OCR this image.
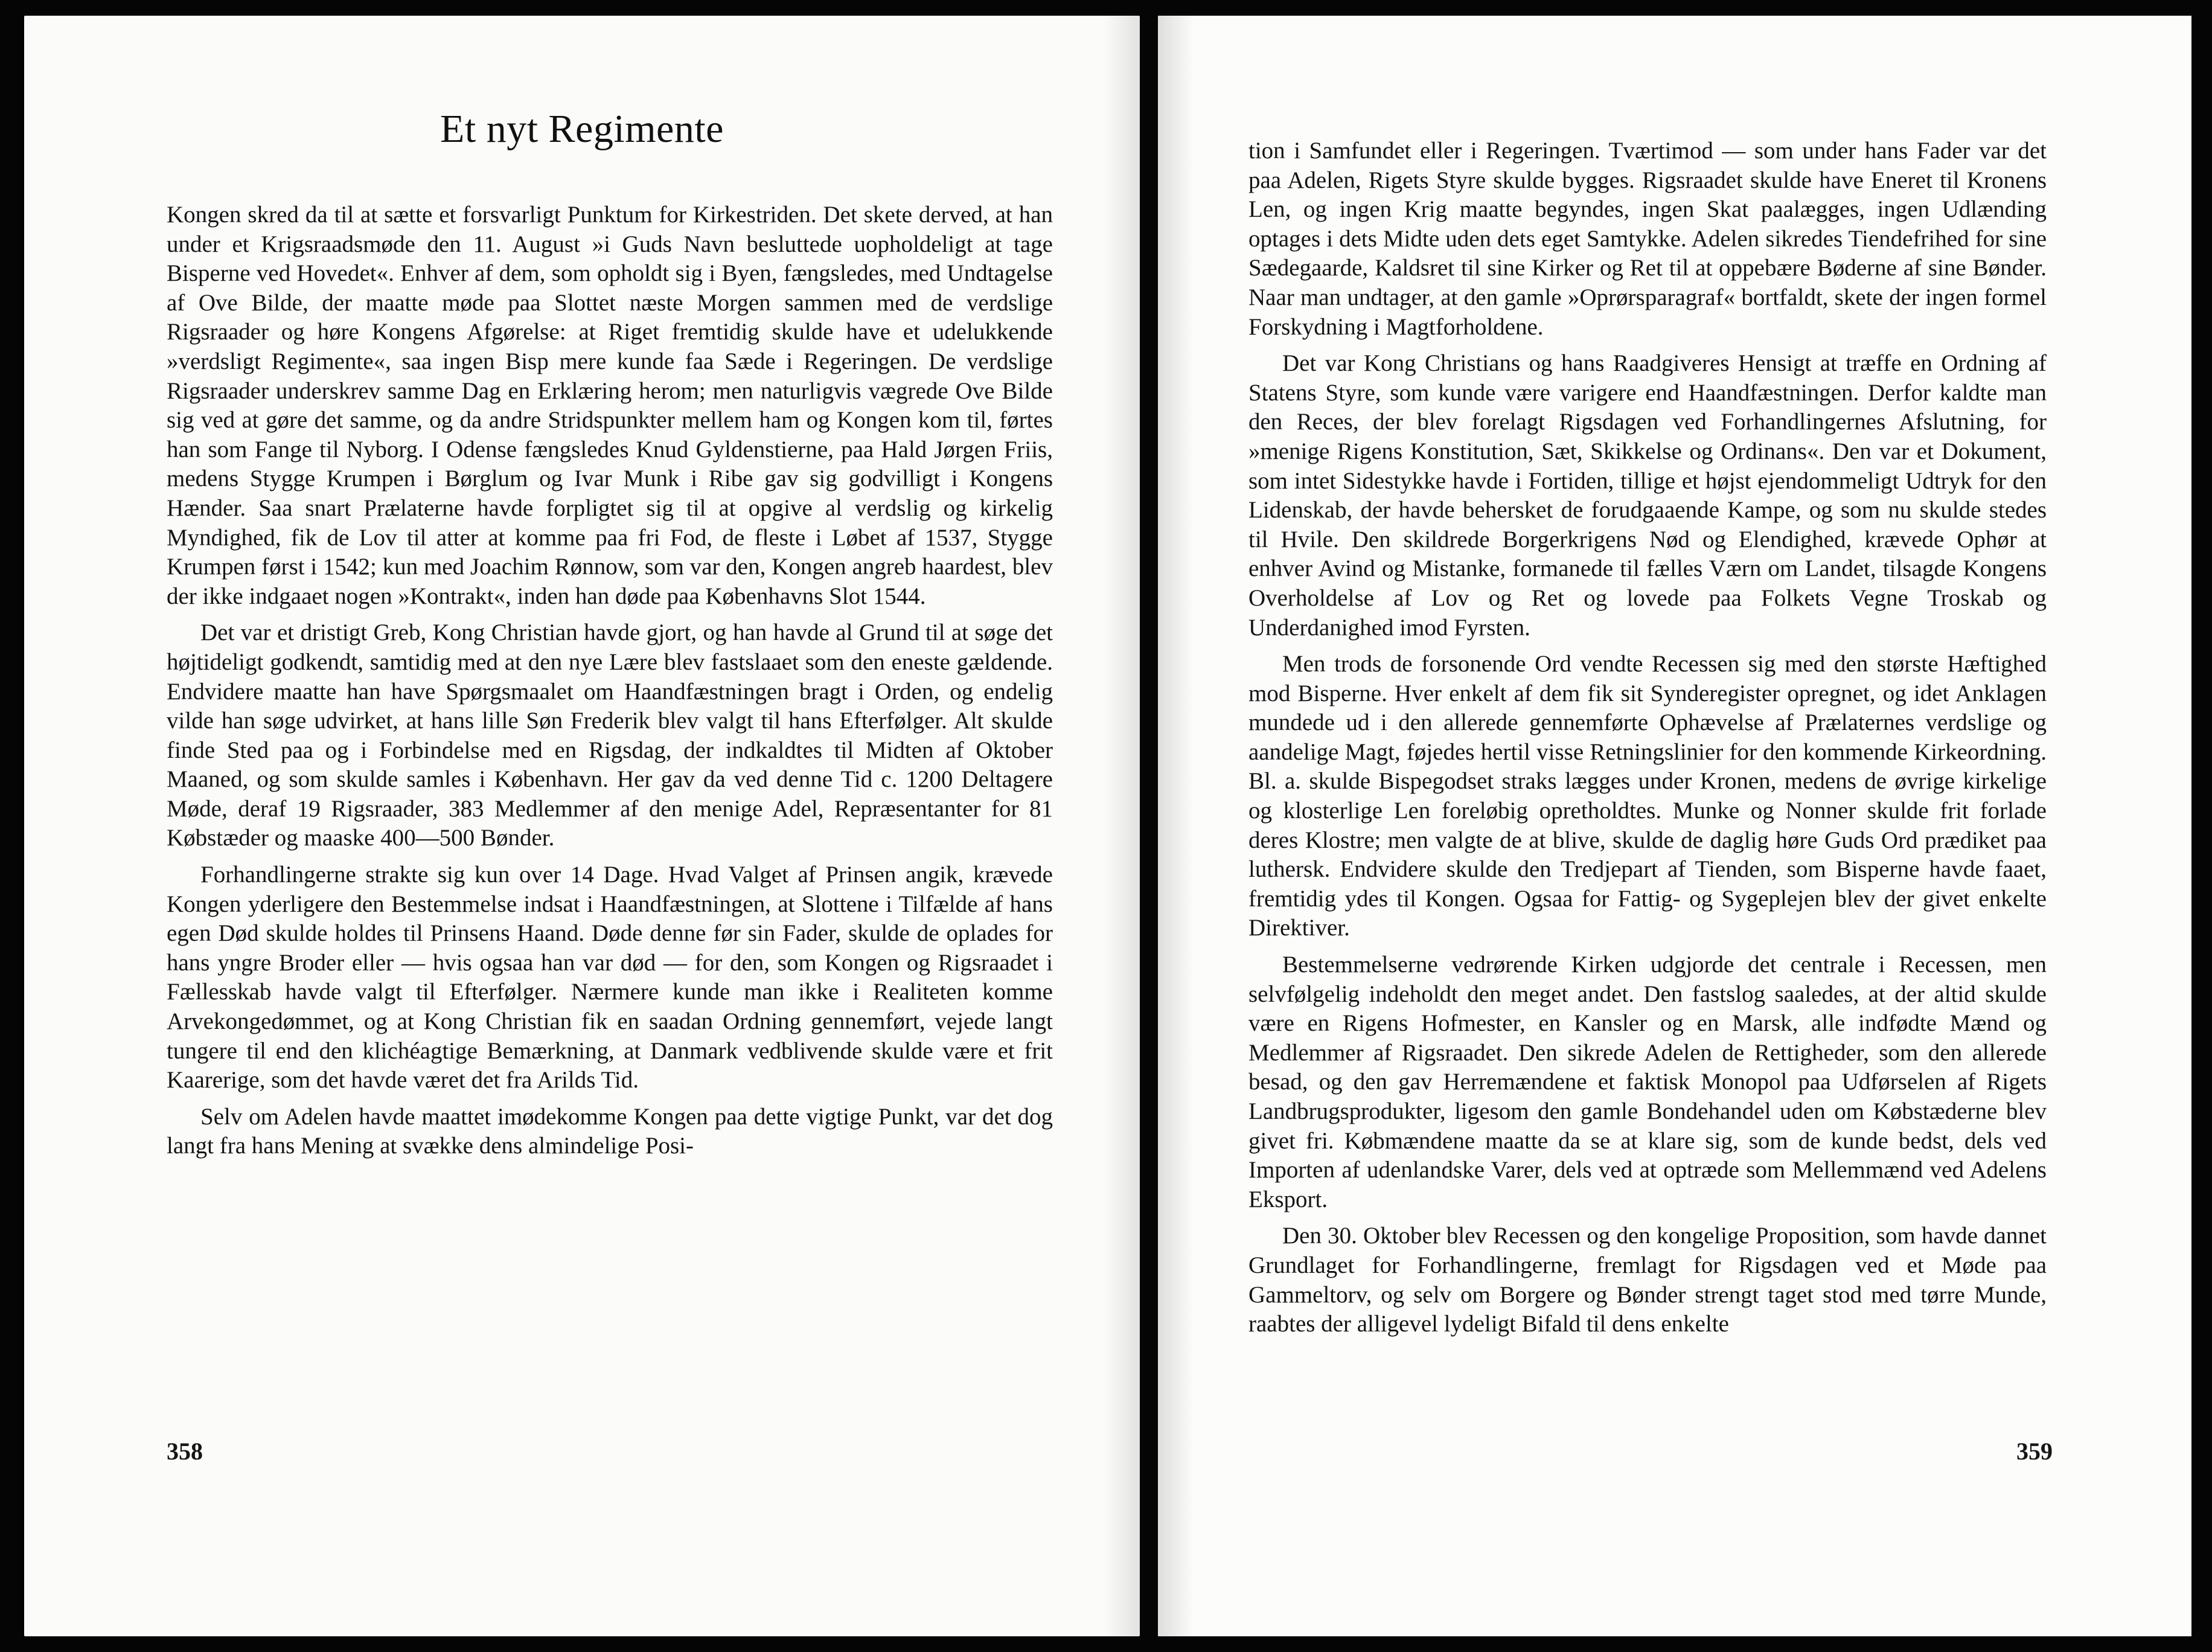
Et nyt Regimente

Kongen skred da til at sætte et forsvarligt Punktum for Kirkestriden. Det skete derved, at han under et Krigsraadsmøde den 11. August »i Guds Navn besluttede uopholdeligt at tage Bisperne ved Hovedet«. Enhver af dem, som opholdt sig i Byen, fængsledes, med Undtagelse af Ove Bilde, der maatte møde paa Slottet næste Morgen sammen med de verdslige Rigsraader og høre Kongens Afgørelse: at Riget fremtidig skulde have et udelukkende »verdsligt Regimente«, saa ingen Bisp mere kunde faa Sæde i Regeringen. De verdslige Rigsraader underskrev samme Dag en Erklæring herom; men naturligvis vægrede Ove Bilde sig ved at gøre det samme, og da andre Stridspunkter mellem ham og Kongen kom til, førtes han som Fange til Nyborg. I Odense fængsledes Knud Gyldenstierne, paa Hald Jørgen Friis, medens Stygge Krumpen i Børglum og Ivar Munk i Ribe gav sig godvilligt i Kongens Hænder. Saa snart Prælaterne havde forpligtet sig til at opgive al verdslig og kirkelig Myndighed, fik de Lov til atter at komme paa fri Fod, de fleste i Løbet af 1537, Stygge Krumpen først i 1542; kun med Joachim Rønnow, som var den, Kongen angreb haardest, blev der ikke indgaaet nogen »Kontrakt«, inden han døde paa Københavns Slot 1544.

Det var et dristigt Greb, Kong Christian havde gjort, og han havde al Grund til at søge det højtideligt godkendt, samtidig med at den nye Lære blev fastslaaet som den eneste gældende. Endvidere maatte han have Spørgsmaalet om Haandfæstningen bragt i Orden, og endelig vilde han søge udvirket, at hans lille Søn Frederik blev valgt til hans Efterfølger. Alt skulde finde Sted paa og i Forbindelse med en Rigsdag, der indkaldtes til Midten af Oktober Maaned, og som skulde samles i København. Her gav da ved denne Tid c. 1200 Deltagere Møde, deraf 19 Rigsraader, 383 Medlemmer af den menige Adel, Repræsentanter for 81 Købstæder og maaske 400—500 Bønder.

Forhandlingerne strakte sig kun over 14 Dage. Hvad Valget af Prinsen angik, krævede Kongen yderligere den Bestemmelse indsat i Haandfæstningen, at Slottene i Tilfælde af hans egen Død skulde holdes til Prinsens Haand. Døde denne før sin Fader, skulde de oplades for hans yngre Broder eller — hvis ogsaa han var død — for den, som Kongen og Rigsraadet i Fællesskab havde valgt til Efterfølger. Nærmere kunde man ikke i Realiteten komme Arvekongedømmet, og at Kong Christian fik en saadan Ordning gennemført, vejede langt tungere til end den klichéagtige Bemærkning, at Danmark vedblivende skulde være et frit Kaarerige, som det havde været det fra Arilds Tid.

Selv om Adelen havde maattet imødekomme Kongen paa dette vigtige Punkt, var det dog langt fra hans Mening at svække dens almindelige Posi-

358

tion i Samfundet eller i Regeringen. Tværtimod — som under hans Fader var det paa Adelen, Rigets Styre skulde bygges. Rigsraadet skulde have Eneret til Kronens Len, og ingen Krig maatte begyndes, ingen Skat paalægges, ingen Udlænding optages i dets Midte uden dets eget Samtykke. Adelen sikredes Tiendefrihed for sine Sædegaarde, Kaldsret til sine Kirker og Ret til at oppebære Bøderne af sine Bønder. Naar man undtager, at den gamle »Oprørsparagraf« bortfaldt, skete der ingen formel Forskydning i Magtforholdene.

Det var Kong Christians og hans Raadgiveres Hensigt at træffe en Ordning af Statens Styre, som kunde være varigere end Haandfæstningen. Derfor kaldte man den Reces, der blev forelagt Rigsdagen ved Forhandlingernes Afslutning, for »menige Rigens Konstitution, Sæt, Skikkelse og Ordinans«. Den var et Dokument, som intet Sidestykke havde i Fortiden, tillige et højst ejendommeligt Udtryk for den Lidenskab, der havde behersket de forudgaaende Kampe, og som nu skulde stedes til Hvile. Den skildrede Borgerkrigens Nød og Elendighed, krævede Ophør at enhver Avind og Mistanke, formanede til fælles Værn om Landet, tilsagde Kongens Overholdelse af Lov og Ret og lovede paa Folkets Vegne Troskab og Underdanighed imod Fyrsten.

Men trods de forsonende Ord vendte Recessen sig med den største Hæftighed mod Bisperne. Hver enkelt af dem fik sit Synderegister opregnet, og idet Anklagen mundede ud i den allerede gennemførte Ophævelse af Prælaternes verdslige og aandelige Magt, føjedes hertil visse Retningslinier for den kommende Kirkeordning. Bl. a. skulde Bispegodset straks lægges under Kronen, medens de øvrige kirkelige og klosterlige Len foreløbig opretholdtes. Munke og Nonner skulde frit forlade deres Klostre; men valgte de at blive, skulde de daglig høre Guds Ord prædiket paa luthersk. Endvidere skulde den Tredjepart af Tienden, som Bisperne havde faaet, fremtidig ydes til Kongen. Ogsaa for Fattig- og Sygeplejen blev der givet enkelte Direktiver.

Bestemmelserne vedrørende Kirken udgjorde det centrale i Recessen, men selvfølgelig indeholdt den meget andet. Den fastslog saaledes, at der altid skulde være en Rigens Hofmester, en Kansler og en Marsk, alle indfødte Mænd og Medlemmer af Rigsraadet. Den sikrede Adelen de Rettigheder, som den allerede besad, og den gav Herremændene et faktisk Monopol paa Udførselen af Rigets Landbrugsprodukter, ligesom den gamle Bondehandel uden om Købstæderne blev givet fri. Købmændene maatte da se at klare sig, som de kunde bedst, dels ved Importen af udenlandske Varer, dels ved at optræde som Mellemmænd ved Adelens Eksport.

Den 30. Oktober blev Recessen og den kongelige Proposition, som havde dannet Grundlaget for Forhandlingerne, fremlagt for Rigsdagen ved et Møde paa Gammeltorv, og selv om Borgere og Bønder strengt taget stod med tørre Munde, raabtes der alligevel lydeligt Bifald til dens enkelte

359
